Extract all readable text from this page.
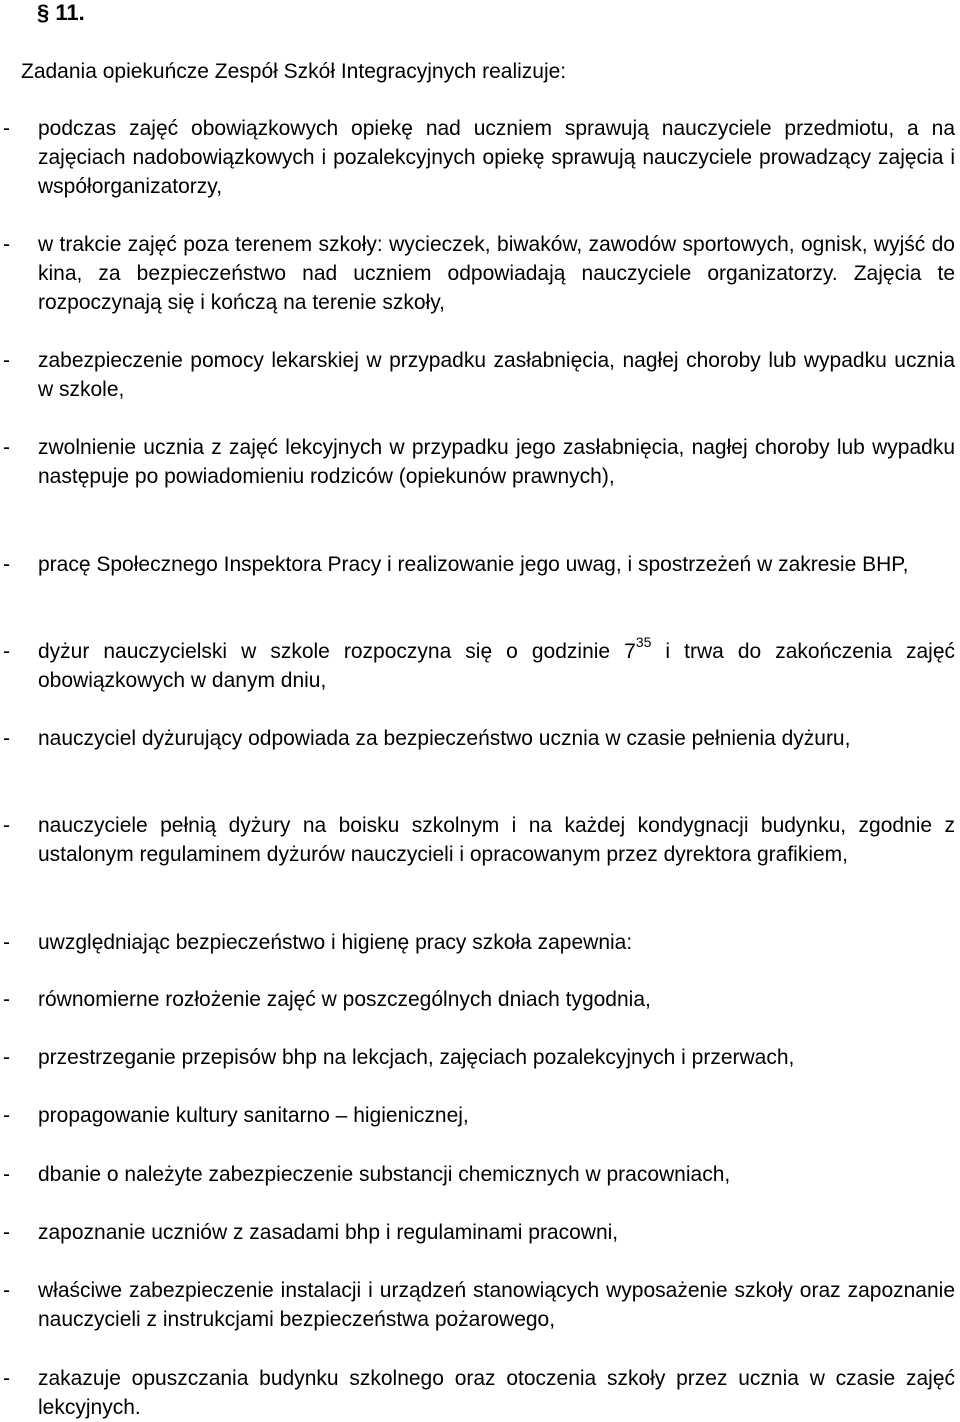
§ 11.
Zadania opiekuńcze Zespół Szkół Integracyjnych realizuje:
- podczas zajęć obowiązkowych opiekę nad uczniem sprawują nauczyciele przedmiotu, a na zajęciach nadobowiązkowych i pozalekcyjnych opiekę sprawują nauczyciele prowadzący zajęcia i współorganizatorzy,
- w trakcie zajęć poza terenem szkoły: wycieczek, biwaków, zawodów sportowych, ognisk, wyjść do kina, za bezpieczeństwo nad uczniem odpowiadają nauczyciele organizatorzy. Zajęcia te rozpoczynają się i kończą na terenie szkoły,
- zabezpieczenie pomocy lekarskiej w przypadku zasłabnięcia, nagłej choroby lub wypadku ucznia w szkole,
- zwolnienie ucznia z zajęć lekcyjnych w przypadku jego zasłabnięcia, nagłej choroby lub wypadku następuje po powiadomieniu rodziców (opiekunów prawnych),
- pracę Społecznego Inspektora Pracy i realizowanie jego uwag, i spostrzeżeń w zakresie BHP,
- dyżur nauczycielski w szkole rozpoczyna się o godzinie $7^{35}$ i trwa do zakończenia zajęć obowiązkowych w danym dniu,
- nauczyciel dyżurujący odpowiada za bezpieczeństwo ucznia w czasie pełnienia dyżuru,
- nauczyciele pełnią dyżury na boisku szkolnym i na każdej kondygnacji budynku, zgodnie z ustalonym regulaminem dyżurów nauczycieli i opracowanym przez dyrektora grafikiem,
- uwzględniając bezpieczeństwo i higienę pracy szkoła zapewnia:
- równomierne rozłożenie zajęć w poszczególnych dniach tygodnia,
- przestrzeganie przepisów bhp na lekcjach, zajęciach pozalekcyjnych i przerwach,
- propagowanie kultury sanitarno – higienicznej,
- dbanie o należyte zabezpieczenie substancji chemicznych w pracowniach,
- zapoznanie uczniów z zasadami bhp i regulaminami pracowni,
- właściwe zabezpieczenie instalacji i urządzeń stanowiących wyposażenie szkoły oraz zapoznanie nauczycieli z instrukcjami bezpieczeństwa pożarowego,
- zakazuje opuszczania budynku szkolnego oraz otoczenia szkoły przez ucznia w czasie zajęć lekcyjnych.
